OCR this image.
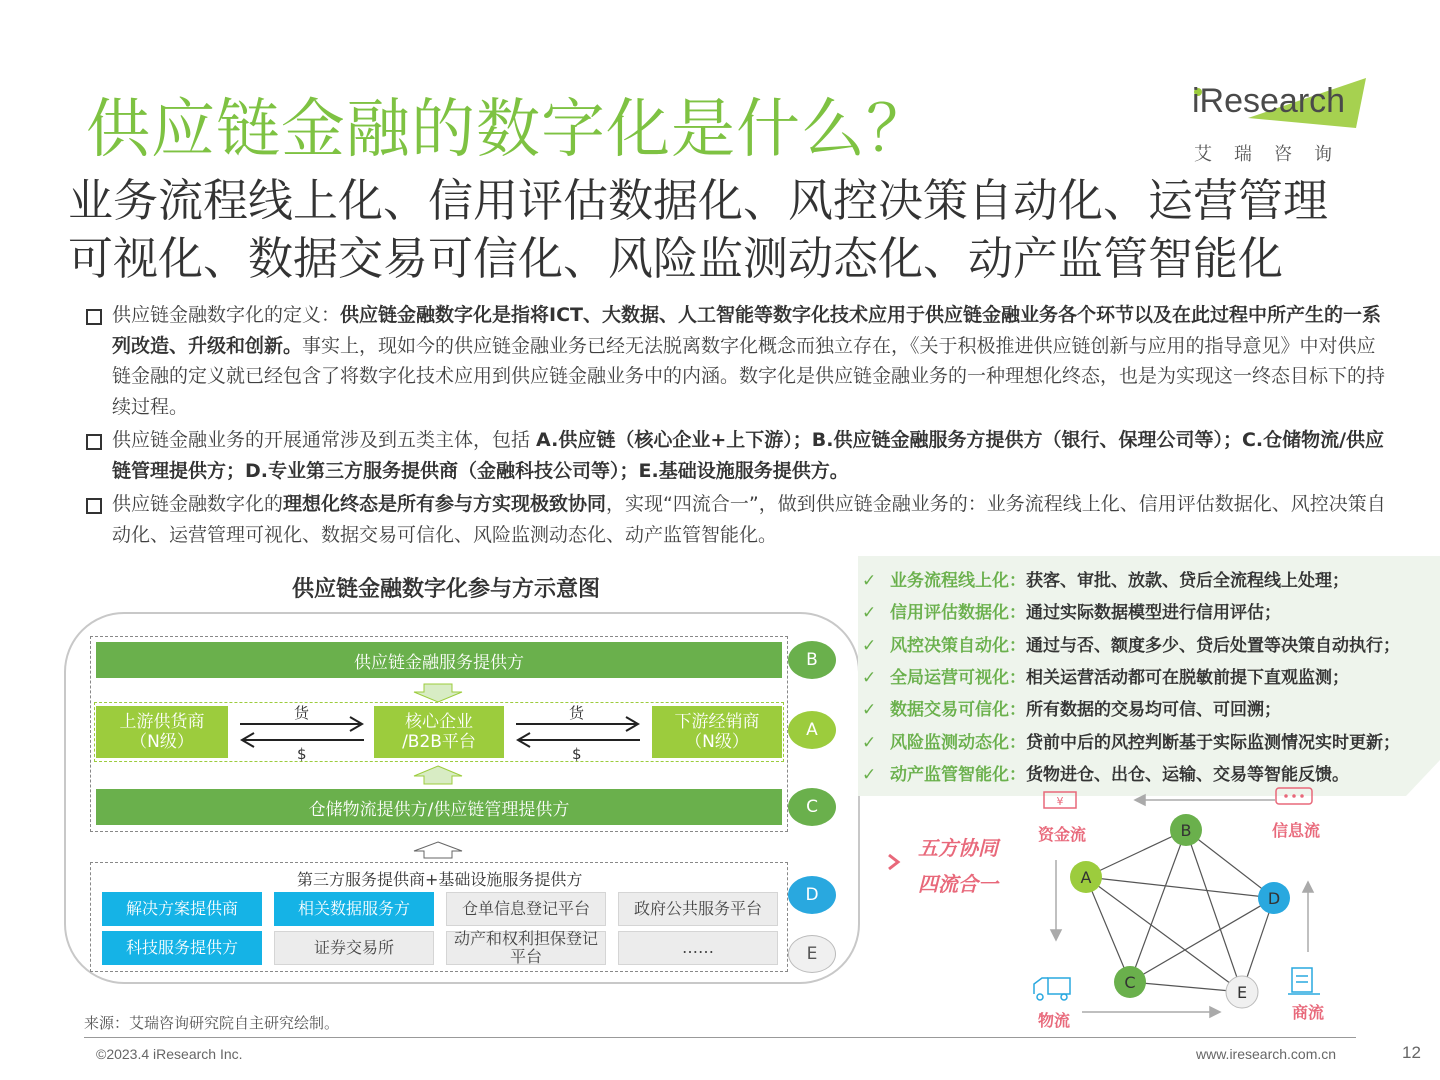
供应链金融的数字化是什么？	iResearch
艾瑞咨询
业务流程线上化、信用评估数据化、风控决策自动化、运营管理
可视化、数据交易可信化、风险监测动态化、动产监管智能化
供应链金融数字化的定义：供应链金融数字化是指将ICT、大数据、人工智能等数字化技术应用于供应链金融业务各个环节以及在此过程中所产生的一系列改造、升级和创新。事实上，现如今的供应链金融业务已经无法脱离数字化概念而独立存在，《关于积极推进供应链创新与应用的指导意见》中对供应链金融的定义就已经包含了将数字化技术应用到供应链金融业务中的内涵。数字化是供应链金融业务的一种理想化终态，也是为实现这一终态目标下的持续过程。
供应链金融业务的开展通常涉及到五类主体，包括 A.供应链（核心企业+上下游）；B.供应链金融服务方提供方（银行、保理公司等）；C.仓储物流/供应链管理提供方；D.专业第三方服务提供商（金融科技公司等）；E.基础设施服务提供方。
供应链金融数字化的理想化终态是所有参与方实现极致协同，实现“四流合一”，做到供应链金融业务的：业务流程线上化、信用评估数据化、风控决策自动化、运营管理可视化、数据交易可信化、风险监测动态化、动产监管智能化。
供应链金融数字化参与方示意图
供应链金融服务提供方
上游供货商
（N级）
核心企业
/B2B平台
下游经销商
（N级）
货
$
货
$
仓储物流提供方/供应链管理提供方
第三方服务提供商+基础设施服务提供方
解决方案提供商	相关数据服务方	仓单信息登记平台	政府公共服务平台
科技服务提供方	证券交易所	动产和权利担保登记平台	……
B
A
C
D
E
✓ 业务流程线上化：获客、审批、放款、贷后全流程线上处理；
✓ 信用评估数据化：通过实际数据模型进行信用评估；
✓ 风控决策自动化：通过与否、额度多少、贷后处置等决策自动执行；
✓ 全局运营可视化：相关运营活动都可在脱敏前提下直观监测；
✓ 数据交易可信化：所有数据的交易均可信、可回溯；
✓ 风险监测动态化：贷前中后的风控判断基于实际监测情况实时更新；
✓ 动产监管智能化：货物进仓、出仓、运输、交易等智能反馈。
五方协同
四流合一
B
A
D
C
E
¥
资金流	信息流
物流	商流
来源：艾瑞咨询研究院自主研究绘制。
©2023.4 iResearch Inc.	www.iresearch.com.cn	12
